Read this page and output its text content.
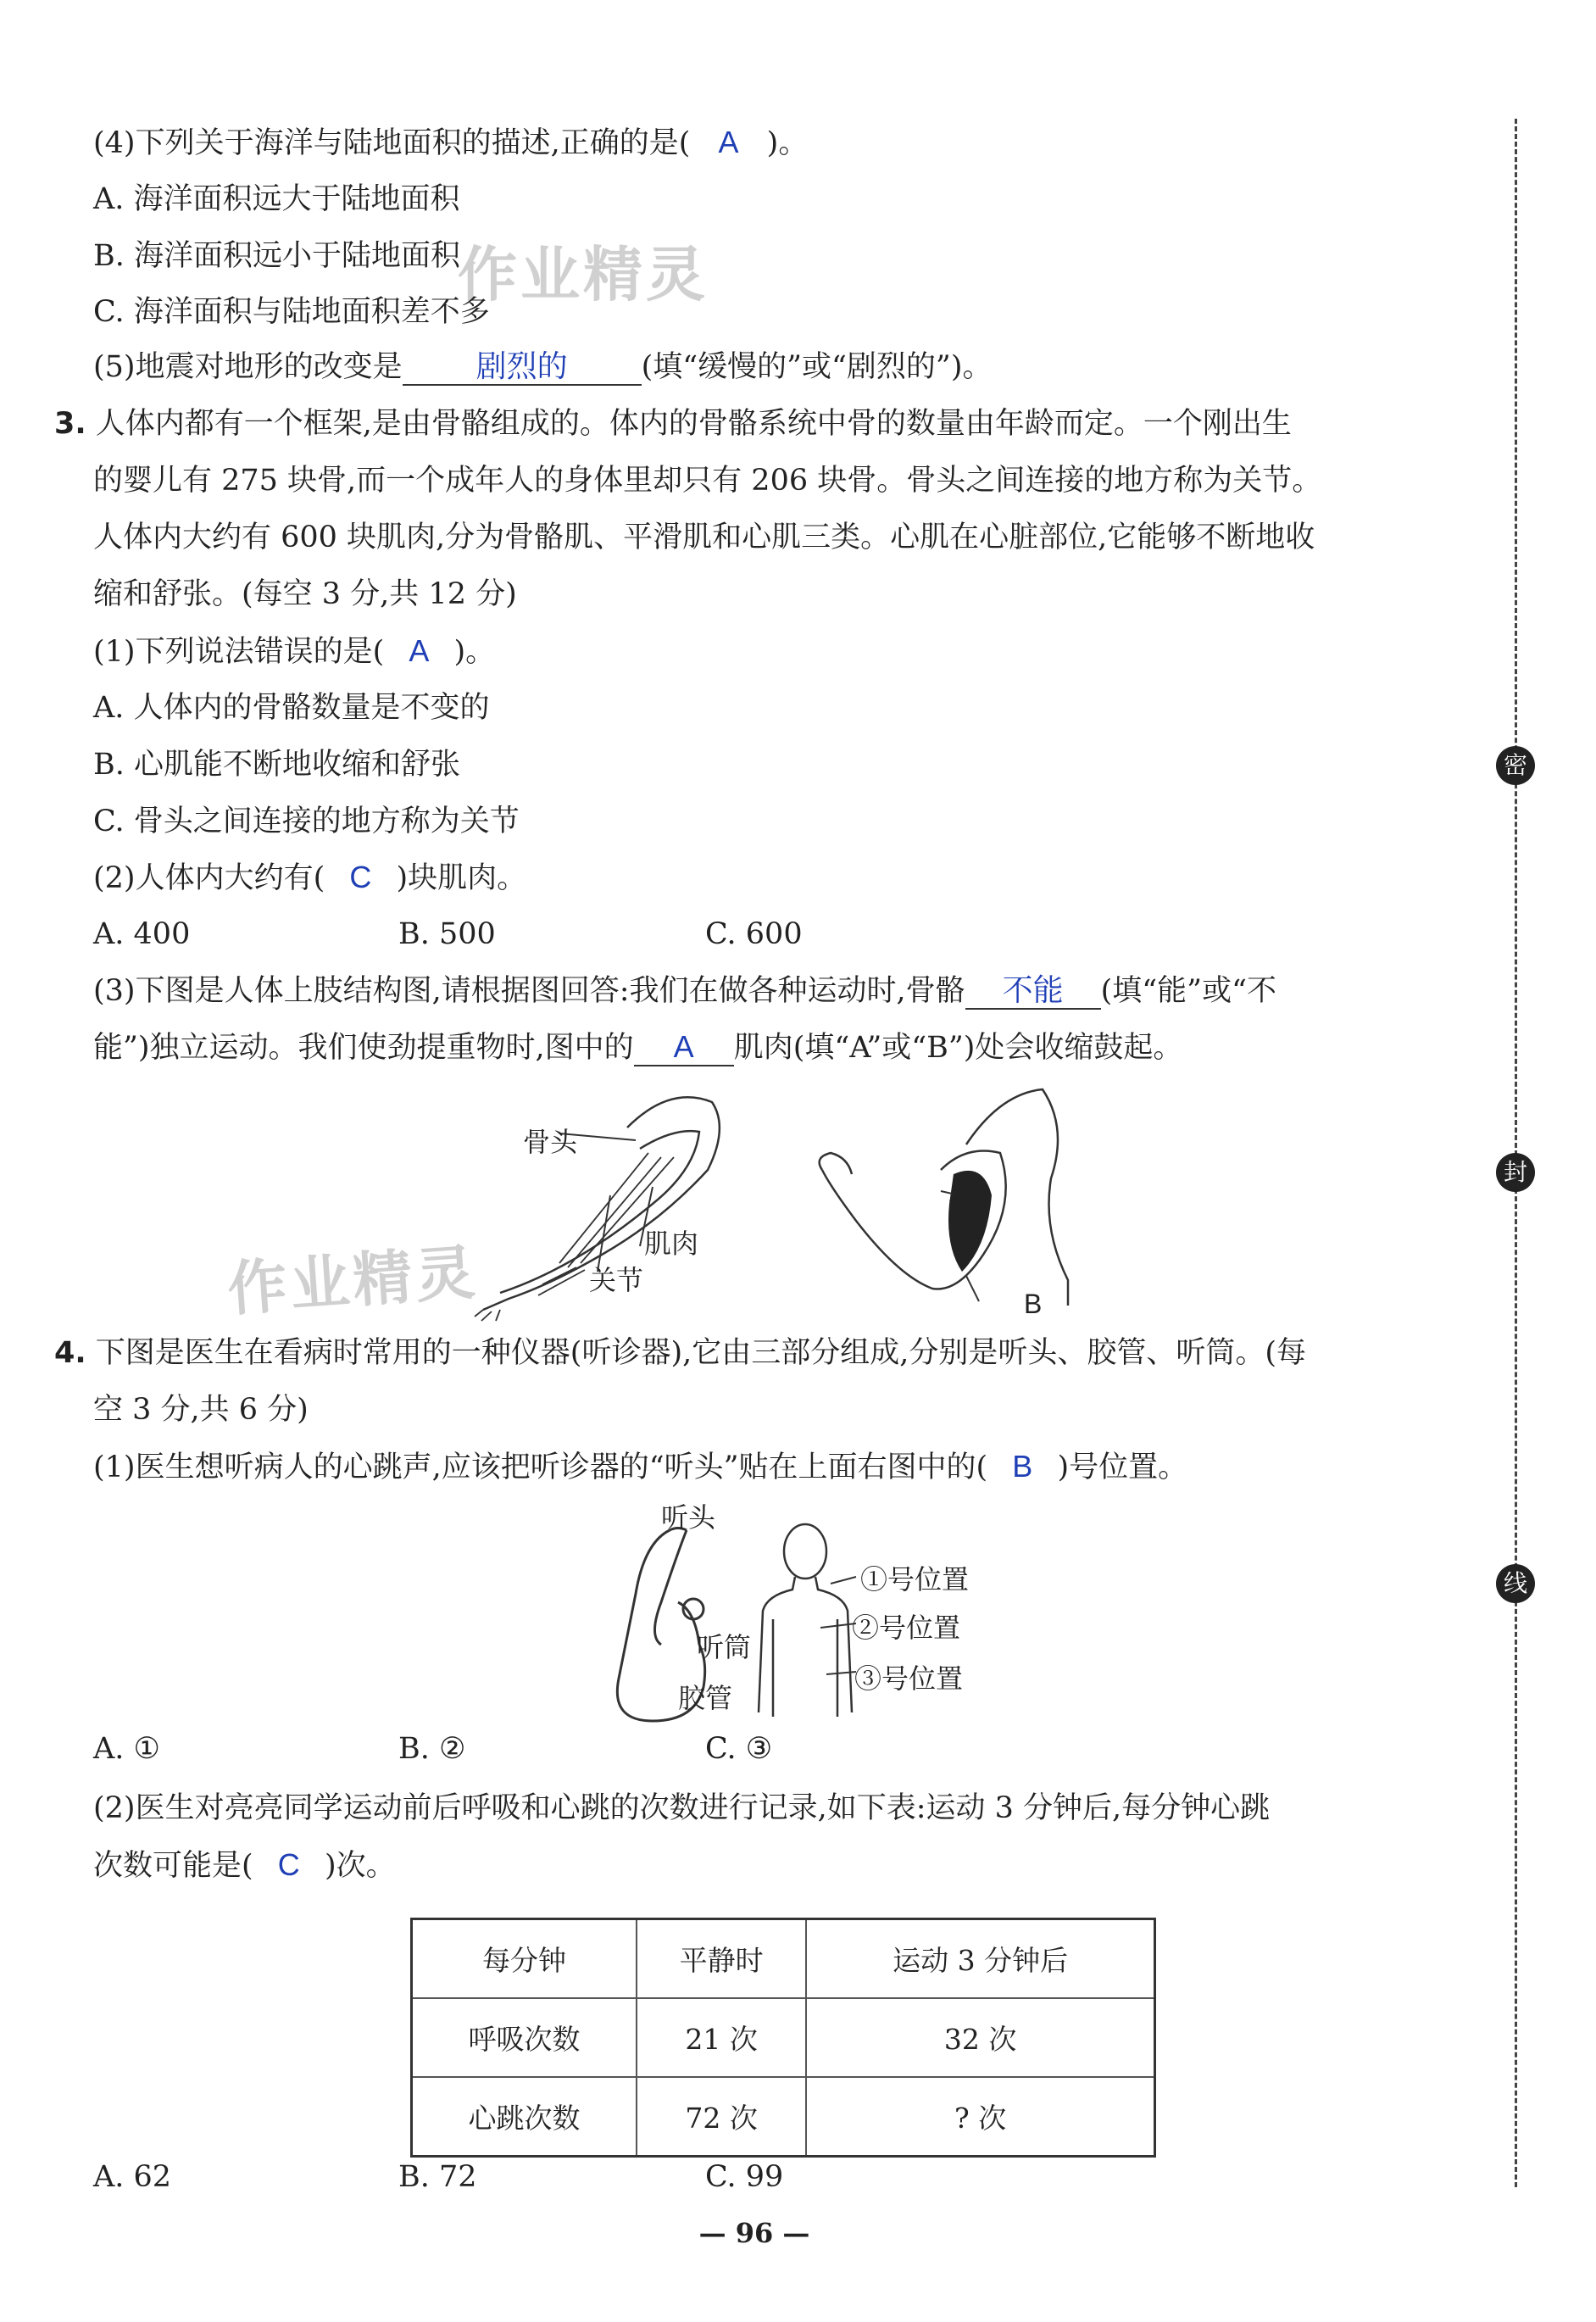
密
封
线
作业精灵
作业精灵
(4)下列关于海洋与陆地面积的描述,正确的是( A )。
A. 海洋面积远大于陆地面积
B. 海洋面积远小于陆地面积
C. 海洋面积与陆地面积差不多
(5)地震对地形的改变是 剧烈的 (填“缓慢的”或“剧烈的”)。
3. 人体内都有一个框架,是由骨骼组成的。体内的骨骼系统中骨的数量由年龄而定。一个刚出生
的婴儿有 275 块骨,而一个成年人的身体里却只有 206 块骨。骨头之间连接的地方称为关节。
人体内大约有 600 块肌肉,分为骨骼肌、平滑肌和心肌三类。心肌在心脏部位,它能够不断地收
缩和舒张。(每空 3 分,共 12 分)
(1)下列说法错误的是( A )。
A. 人体内的骨骼数量是不变的
B. 心肌能不断地收缩和舒张
C. 骨头之间连接的地方称为关节
(2)人体内大约有( C )块肌肉。
A. 400	B. 500	C. 600
(3)下图是人体上肢结构图,请根据图回答:我们在做各种运动时,骨骼 不能 (填“能”或“不
能”)独立运动。我们使劲提重物时,图中的 A 肌肉(填“A”或“B”)处会收缩鼓起。
骨头
肌肉
关节
A
B
4. 下图是医生在看病时常用的一种仪器(听诊器),它由三部分组成,分别是听头、胶管、听筒。(每
空 3 分,共 6 分)
(1)医生想听病人的心跳声,应该把听诊器的“听头”贴在上面右图中的( B )号位置。
听头
听筒
胶管
①号位置
②号位置
③号位置
A. ①	B. ②	C. ③
(2)医生对亮亮同学运动前后呼吸和心跳的次数进行记录,如下表:运动 3 分钟后,每分钟心跳
次数可能是( C )次。
每分钟	平静时	运动 3 分钟后
呼吸次数	21 次	32 次
心跳次数	72 次	? 次
A. 62	B. 72	C. 99
— 96 —
